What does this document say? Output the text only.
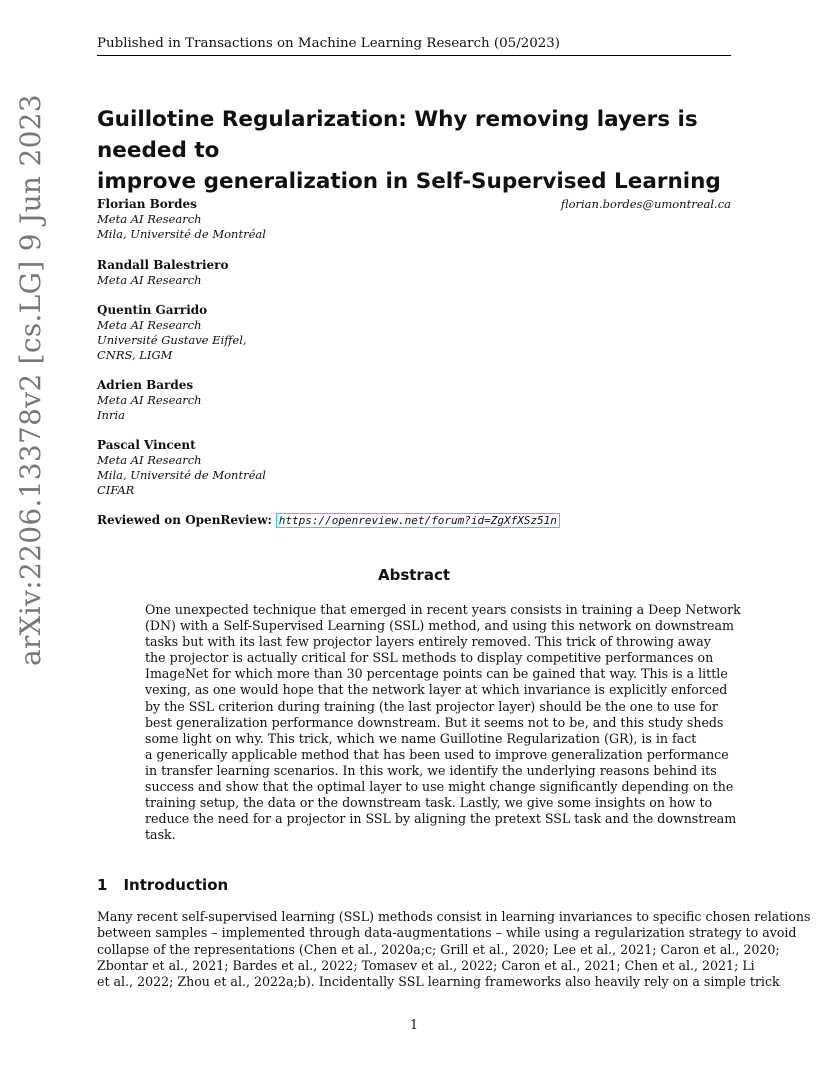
Published in Transactions on Machine Learning Research (05/2023)
Guillotine Regularization: Why removing layers is needed to
improve generalization in Self-Supervised Learning
florian.bordes@umontreal.ca
Florian Bordes
Meta AI Research
Mila, Université de Montréal
Randall Balestriero
Meta AI Research
Quentin Garrido
Meta AI Research
Université Gustave Eiffel,
CNRS, LIGM
Adrien Bardes
Meta AI Research
Inria
Pascal Vincent
Meta AI Research
Mila, Université de Montréal
CIFAR
Reviewed on OpenReview: https://openreview.net/forum?id=ZgXfXSz51n
Abstract
One unexpected technique that emerged in recent years consists in training a Deep Network
(DN) with a Self-Supervised Learning (SSL) method, and using this network on downstream
tasks but with its last few projector layers entirely removed. This trick of throwing away
the projector is actually critical for SSL methods to display competitive performances on
ImageNet for which more than 30 percentage points can be gained that way. This is a little
vexing, as one would hope that the network layer at which invariance is explicitly enforced
by the SSL criterion during training (the last projector layer) should be the one to use for
best generalization performance downstream. But it seems not to be, and this study sheds
some light on why. This trick, which we name Guillotine Regularization (GR), is in fact
a generically applicable method that has been used to improve generalization performance
in transfer learning scenarios. In this work, we identify the underlying reasons behind its
success and show that the optimal layer to use might change significantly depending on the
training setup, the data or the downstream task. Lastly, we give some insights on how to
reduce the need for a projector in SSL by aligning the pretext SSL task and the downstream
task.
1 Introduction
Many recent self-supervised learning (SSL) methods consist in learning invariances to specific chosen relations
between samples – implemented through data-augmentations – while using a regularization strategy to avoid
collapse of the representations (Chen et al., 2020a;c; Grill et al., 2020; Lee et al., 2021; Caron et al., 2020;
Zbontar et al., 2021; Bardes et al., 2022; Tomasev et al., 2022; Caron et al., 2021; Chen et al., 2021; Li
et al., 2022; Zhou et al., 2022a;b). Incidentally SSL learning frameworks also heavily rely on a simple trick
1
arXiv:2206.13378v2 [cs.LG] 9 Jun 2023
